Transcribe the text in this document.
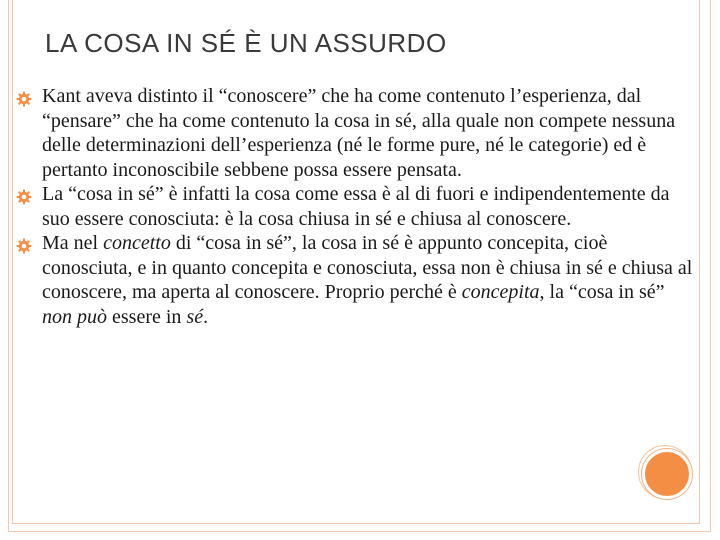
LA COSA IN SÉ È UN ASSURDO
Kant aveva distinto il “conoscere” che ha come contenuto l’esperienza, dal “pensare” che ha come contenuto la cosa in sé, alla quale non compete nessuna delle determinazioni dell’esperienza (né le forme pure, né le categorie) ed è pertanto inconoscibile sebbene possa essere pensata.
La “cosa in sé” è infatti la cosa come essa è al di fuori e indipendentemente da suo essere conosciuta: è la cosa chiusa in sé e chiusa al conoscere.
Ma nel concetto di “cosa in sé”, la cosa in sé è appunto concepita, cioè conosciuta, e in quanto concepita e conosciuta, essa non è chiusa in sé e chiusa al conoscere, ma aperta al conoscere. Proprio perché è concepita, la “cosa in sé” non può essere in sé.
